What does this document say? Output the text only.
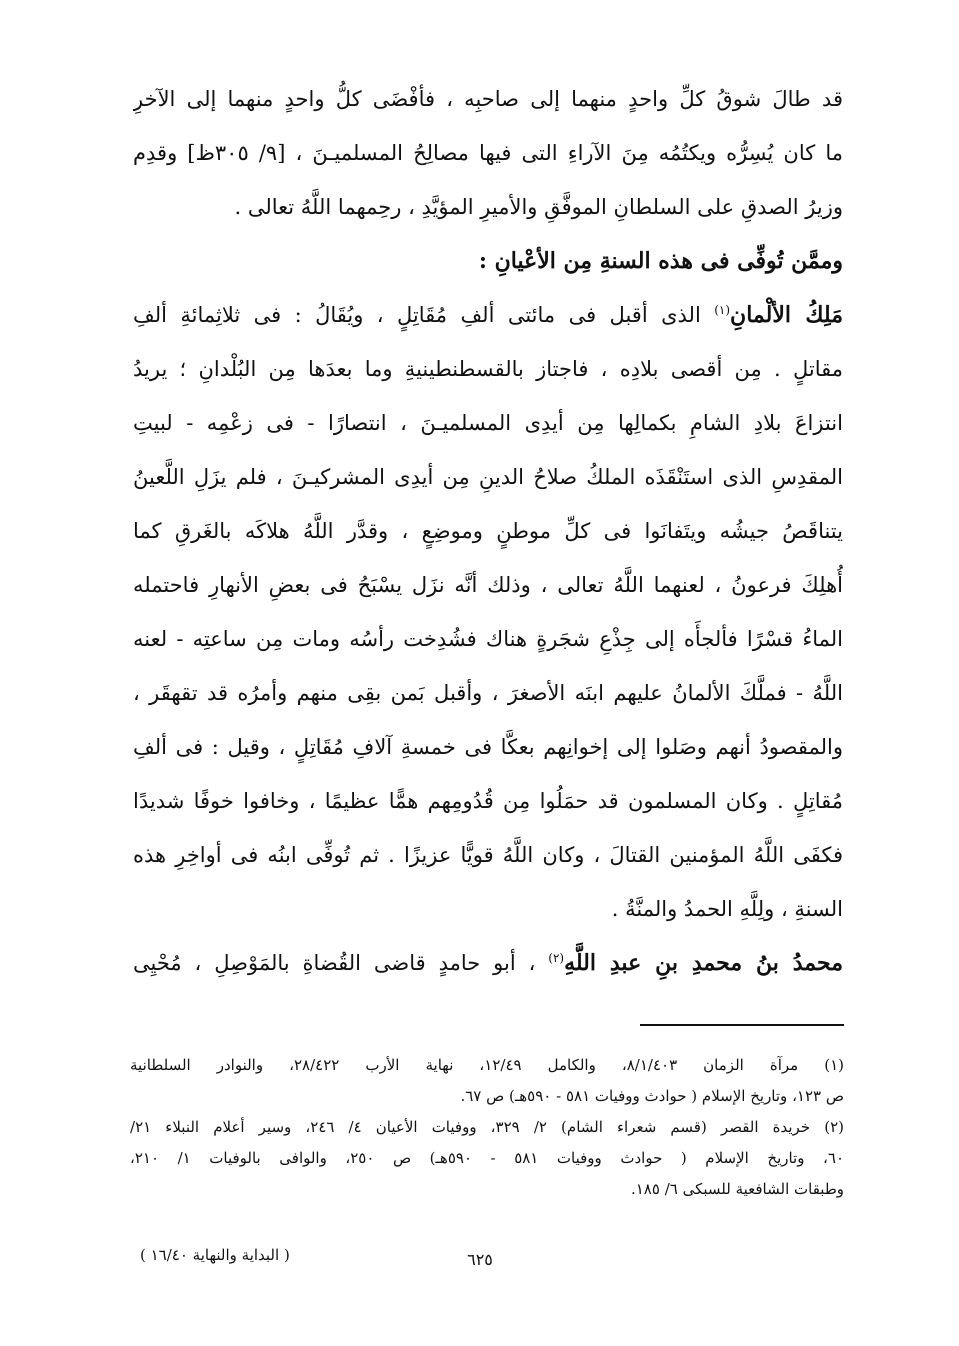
قد طالَ شوقُ كلِّ واحدٍ منهما إلى صاحبِه ، فأفْضَى كلُّ واحدٍ منهما إلى الآخرِ
ما كان يُسِرُّه ويكتُمُه مِنَ الآراءِ التى فيها مصالِحُ المسلميـنَ ، [٩/ ٣٠٥ظ] وقدِم
وزيرُ الصدقِ على السلطانِ الموفَّقِ والأميرِ المؤيَّدِ ، رحِمهما اللَّهُ تعالى .
وممَّن تُوفِّى فى هذه السنةِ مِن الأعْيانِ :
مَلِكُ الألْمانِ$^{(١)}$ الذى أقبل فى مائتى ألفِ مُقَاتِلٍ ، ويُقَالُ : فى ثلاثِمائةِ ألفِ
مقاتلٍ . مِن أقصى بلادِه ، فاجتاز بالقسطنطينيةِ وما بعدَها مِن البُلْدانِ ؛ يريدُ
انتزاعَ بلادِ الشامِ بكمالِها مِن أيدِى المسلميـنَ ، انتصارًا - فى زعْمِه - لبيتِ
المقدِسِ الذى استَنْقَذَه الملكُ صلاحُ الدينِ مِن أيدِى المشركيـنَ ، فلم يزَلِ اللَّعينُ
يتناقَصُ جيشُه ويتَفانَوا فى كلِّ موطنٍ وموضِعٍ ، وقدَّر اللَّهُ هلاكَه بالغَرقِ كما
أُهلِكَ فرعونُ ، لعنهما اللَّهُ تعالى ، وذلك أنَّه نزَل يسْبَحُ فى بعضِ الأنهارِ فاحتمله
الماءُ قسْرًا فألجأَه إلى جِذْعِ شجَرةٍ هناك فشُدِخت رأسُه ومات مِن ساعتِه - لعنه
اللَّهُ - فملَّكَ الألمانُ عليهم ابنَه الأصغرَ ، وأقبل بَمن بقِى منهم وأمرُه قد تقهقَر ،
والمقصودُ أنهم وصَلوا إلى إخوانِهم بعكَّا فى خمسةِ آلافِ مُقَاتِلٍ ، وقيل : فى ألفِ
مُقاتِلٍ . وكان المسلمون قد حمَلُوا مِن قُدُومِهم همًّا عظيمًا ، وخافوا خوفًا شديدًا
فكفَى اللَّهُ المؤمنين القتالَ ، وكان اللَّهُ قويًّا عزيزًا . ثم تُوفِّى ابنُه فى أواخِرِ هذه
السنةِ ، ولِلَّهِ الحمدُ والمنَّةُ .
محمدُ بنُ محمدِ بنِ عبدِ اللَّهِ$^{(٢)}$ ، أبو حامدٍ قاضى القُضاةِ بالمَوْصِلِ ، مُحْيِى
(١) مرآة الزمان ٨/١/٤٠٣، والكامل ١٢/٤٩، نهاية الأرب ٢٨/٤٢٢، والنوادر السلطانية
ص ١٢٣، وتاريخ الإسلام ( حوادث ووفيات ٥٨١ - ٥٩٠هـ) ص ٦٧.
(٢) خريدة القصر (قسم شعراء الشام) ٢/ ٣٢٩، ووفيات الأعيان ٤/ ٢٤٦، وسير أعلام النبلاء ٢١/
٦٠، وتاريخ الإسلام ( حوادث ووفيات ٥٨١ - ٥٩٠هـ) ص ٢٥٠، والوافى بالوفيات ١/ ٢١٠،
وطبقات الشافعية للسبكى ٦/ ١٨٥.
٦٢٥
( البداية والنهاية ١٦/٤٠ )
